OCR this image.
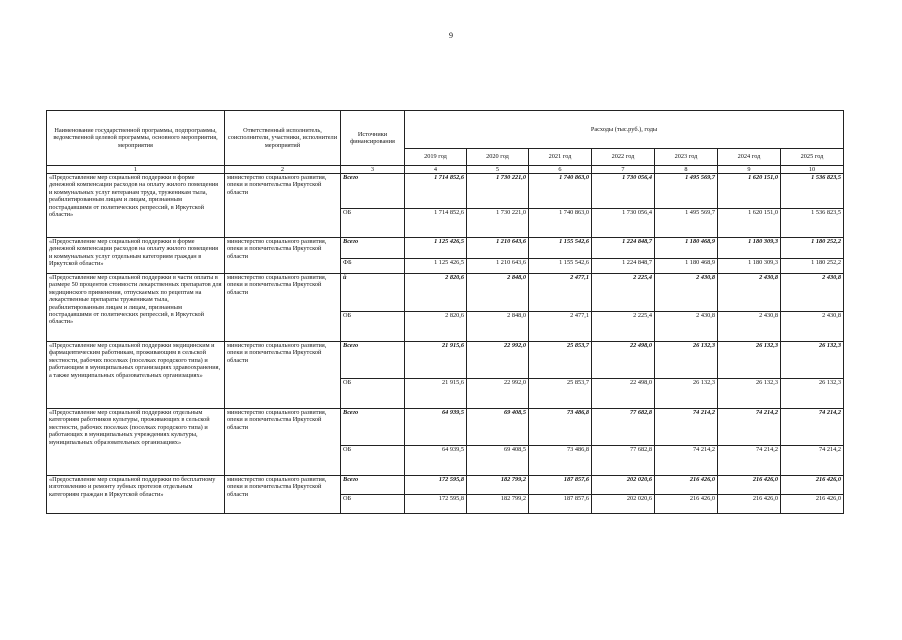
9
Наименование государственной программы, подпрограммы, ведомственной целевой программы, основного мероприятия, мероприятия	Ответственный исполнитель, соисполнители, участники, исполнители мероприятий	Источники финансирования	Расходы (тыс.руб.), годы						
			2019 год	2020 год	2021 год	2022 год	2023 год	2024 год	2025 год
1	2	3	4	5	6	7	8	9	10
«Предоставление мер социальной поддержки в форме денежной компенсации расходов на оплату жилого помещения и коммунальных услуг ветеранам труда, труженикам тыла, реабилитированным лицам и лицам, признанным пострадавшими от политических репрессий, в Иркутской области»	министерство социального развития, опеки и попечительства Иркутской области	Всего	1 714 852,6	1 730 221,0	1 740 863,0	1 730 056,4	1 495 569,7	1 620 151,0	1 536 823,5
		ОБ	1 714 852,6	1 730 221,0	1 740 863,0	1 730 056,4	1 495 569,7	1 620 151,0	1 536 823,5
«Предоставление мер социальной поддержки в форме денежной компенсации расходов на оплату жилого помещения и коммунальных услуг отдельным категориям граждан в Иркутской области»	министерство социального развития, опеки и попечительства Иркутской области	Всего	1 125 426,5	1 210 643,6	1 155 542,6	1 224 848,7	1 180 468,9	1 180 309,3	1 180 252,2
		ФБ	1 125 426,5	1 210 643,6	1 155 542,6	1 224 848,7	1 180 468,9	1 180 309,3	1 180 252,2
«Предоставление мер социальной поддержки в части оплаты в размере 50 процентов стоимости лекарственных препаратов для медицинского применения, отпускаемых по рецептам на лекарственные препараты труженикам тыла, реабилитированным лицам и лицам, признанным пострадавшими от политических репрессий, в Иркутской области»	министерство социального развития, опеки и попечительства Иркутской области	й	2 820,6	2 848,0	2 477,1	2 225,4	2 430,8	2 430,8	2 430,8
		ОБ	2 820,6	2 848,0	2 477,1	2 225,4	2 430,8	2 430,8	2 430,8
«Предоставление мер социальной поддержки медицинским и фармацевтическим работникам, проживающим в сельской местности, рабочих поселках (поселках городского типа) и работающим в муниципальных организациях здравоохранения, а также муниципальных образовательных организациях»	министерство социального развития, опеки и попечительства Иркутской области	Всего	21 915,6	22 992,0	25 853,7	22 498,0	26 132,3	26 132,3	26 132,3
		ОБ	21 915,6	22 992,0	25 853,7	22 498,0	26 132,3	26 132,3	26 132,3
«Предоставление мер социальной поддержки отдельным категориям работников культуры, проживающих в сельской местности, рабочих поселках (поселках городского типа) и работающих в муниципальных учреждениях культуры, муниципальных образовательных организациях»	министерство социального развития, опеки и попечительства Иркутской области	Всего	64 939,5	69 408,5	73 486,8	77 682,8	74 214,2	74 214,2	74 214,2
		ОБ	64 939,5	69 408,5	73 486,8	77 682,8	74 214,2	74 214,2	74 214,2
«Предоставление мер социальной поддержки по бесплатному изготовлению и ремонту зубных протезов отдельным категориям граждан в Иркутской области»	министерство социального развития, опеки и попечительства Иркутской области	Всего	172 595,8	182 799,2	187 857,6	202 020,6	216 426,0	216 426,0	216 426,0
		ОБ	172 595,8	182 799,2	187 857,6	202 020,6	216 426,0	216 426,0	216 426,0
